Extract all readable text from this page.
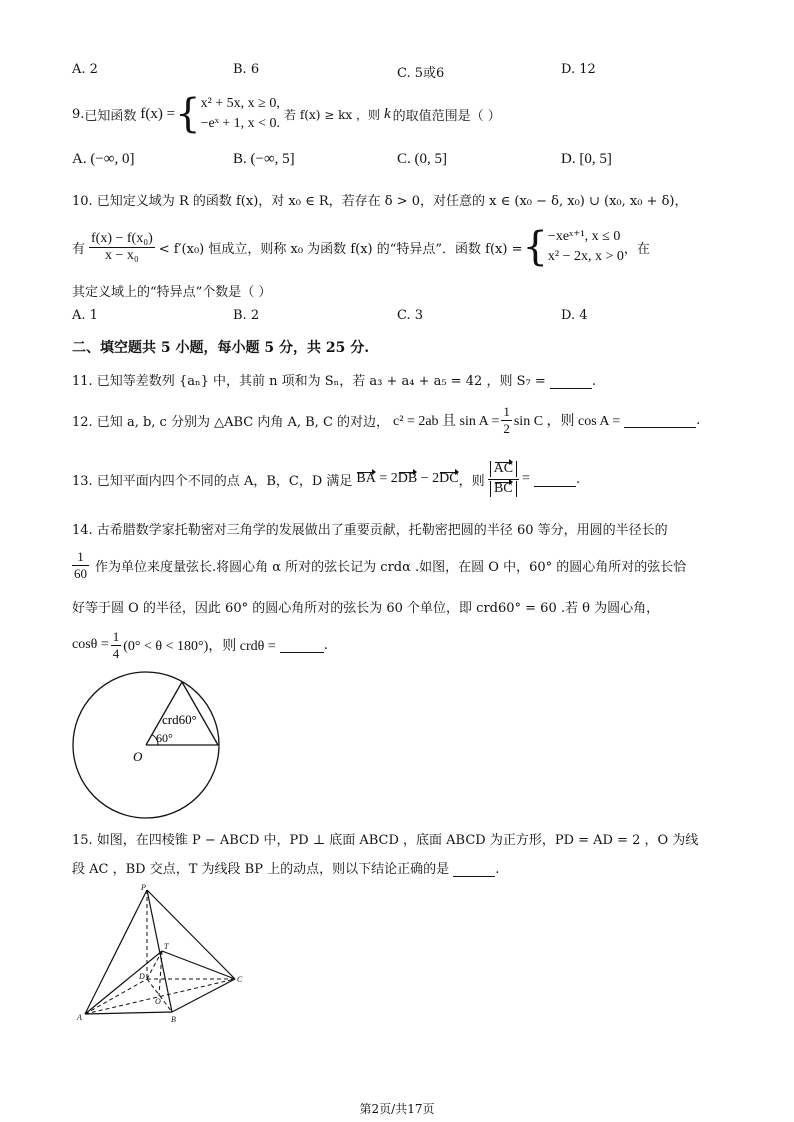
A. 2	B. 6	C. 5或6	D. 12
9. 已知函数 f(x) = { x² + 5x, x ≥ 0,
−eˣ + 1, x < 0.
若 f(x) ≥ kx ，则 k 的取值范围是（ ）
A. (−∞, 0]	B. (−∞, 5]	C. (0, 5]	D. [0, 5]
10. 已知定义域为 R 的函数 f(x)，对 x₀ ∈ R，若存在 δ > 0，对任意的 x ∈ (x₀ − δ, x₀) ∪ (x₀, x₀ + δ)，
有 $\frac{\text{f(x) − f(x₀)}}{\text{x − x₀}} < f'(x_0)$ 恒成立，则称 x₀ 为函数 f(x) 的“特异点”．函数 f(x) = { −xeˣ⁺¹, x ≤ 0
x² − 2x, x > 0 ，在
其定义域上的“特异点”个数是（ ）
A. 1	B. 2	C. 3	D. 4
二、填空题共 5 小题，每小题 5 分，共 25 分.
11. 已知等差数列 {aₙ} 中，其前 n 项和为 Sₙ，若 a₃ + a₄ + a₅ = 42 ，则 S₇ =	.
12. 已知 a, b, c 分别为 △ABC 内角 A, B, C 的对边， c² = 2ab 且 $\sin A = \frac{1}{2}$ sin C ，则 cos A =	.
13. 已知平面内四个不同的点 A，B，C，D 满足 BA = 2DB − 2DC ，则 $\frac{AC}{BC}$ =	.
14. 古希腊数学家托勒密对三角学的发展做出了重要贡献，托勒密把圆的半径 60 等分，用圆的半径长的
$\frac{1}{60}$ 作为单位来度量弦长.将圆心角 α 所对的弦长记为 crdα .如图，在圆 O 中，60° 的圆心角所对的弦长恰
好等于圆 O 的半径，因此 60° 的圆心角所对的弦长为 60 个单位，即 crd60° = 60 .若 θ 为圆心角，
$\cos\theta = \frac{1}{4} (0^\circ < \theta < 180^\circ)$，则 crdθ =	.
crd60°
60°
O
15. 如图，在四棱锥 P − ABCD 中，PD ⊥ 底面 ABCD ，底面 ABCD 为正方形，PD = AD = 2 ，O 为线
段 AC ，BD 交点，T 为线段 BP 上的动点，则以下结论正确的是	.
P
T
D
O
A	B
C
第2页/共17页
